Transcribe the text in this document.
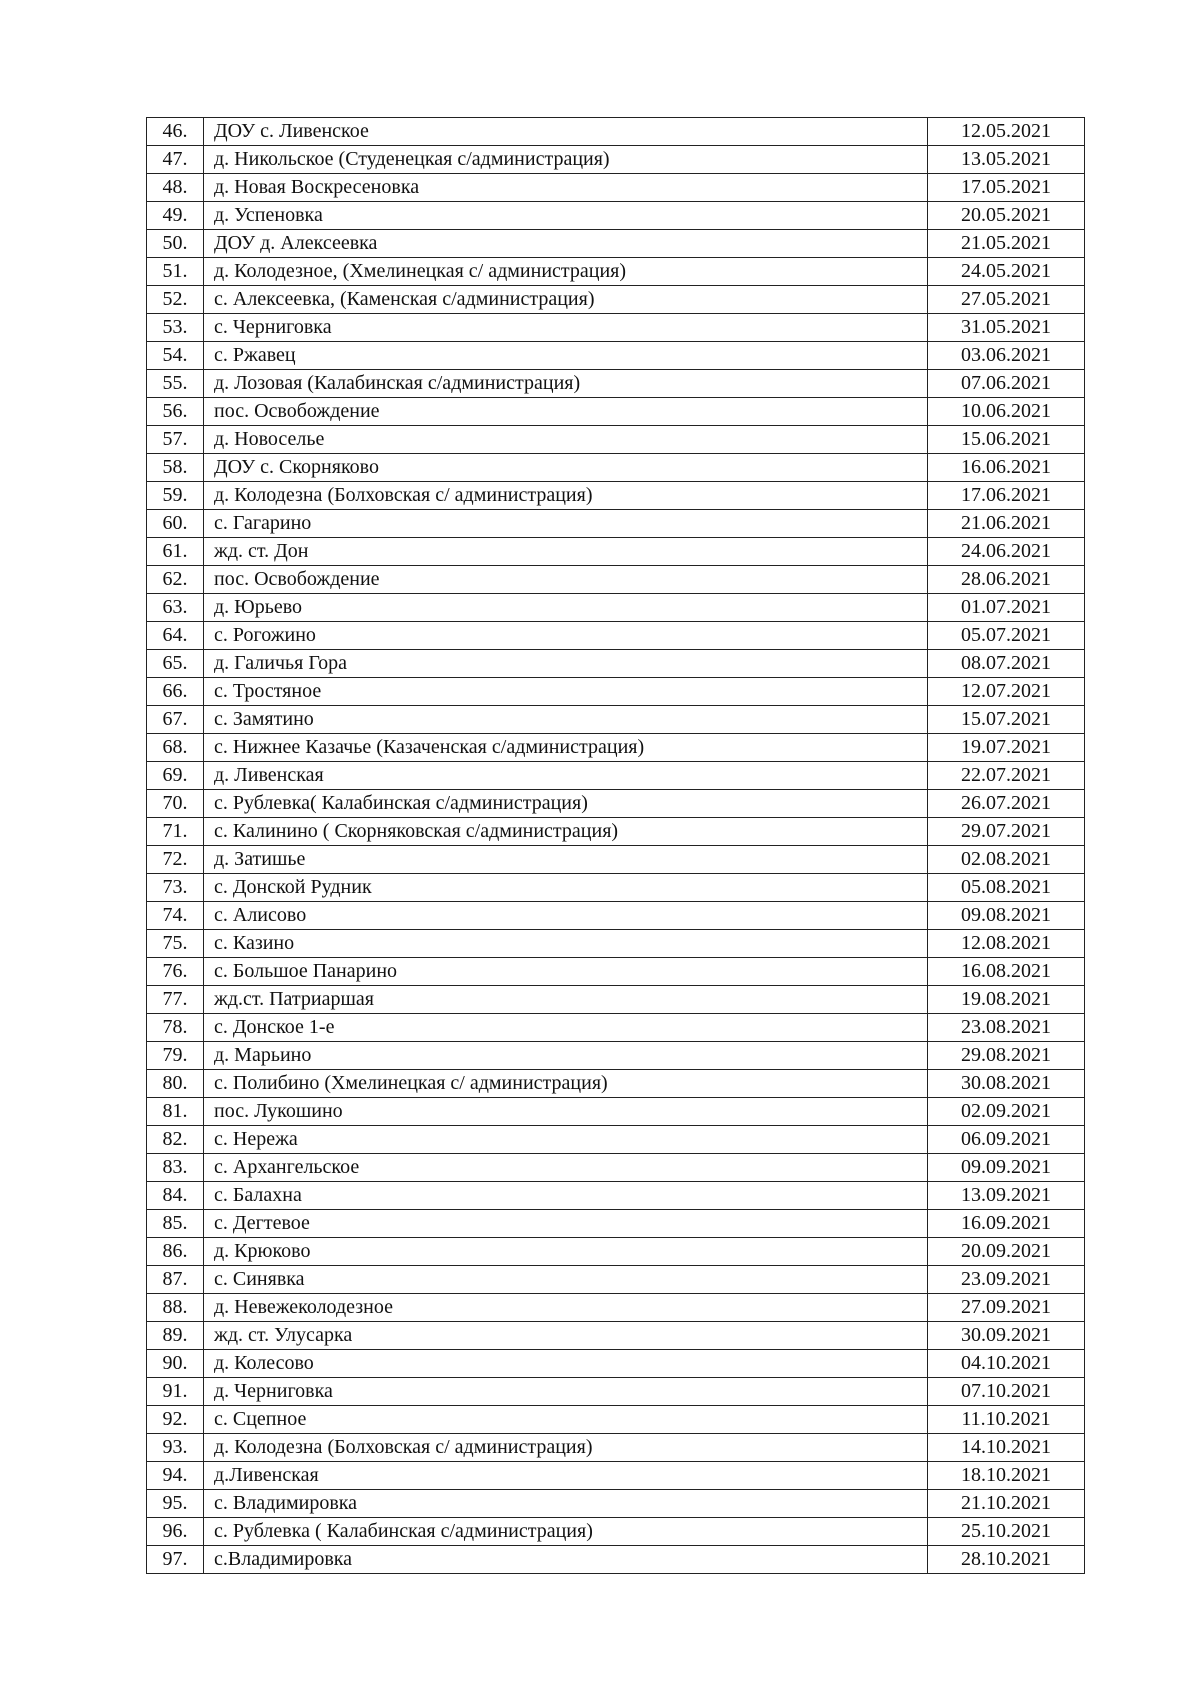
46.	ДОУ с. Ливенское	12.05.2021
47.	д. Никольское (Студенецкая с/администрация)	13.05.2021
48.	д. Новая Воскресеновка	17.05.2021
49.	д. Успеновка	20.05.2021
50.	ДОУ д. Алексеевка	21.05.2021
51.	д. Колодезное, (Хмелинецкая с/ администрация)	24.05.2021
52.	с. Алексеевка, (Каменская с/администрация)	27.05.2021
53.	с. Черниговка	31.05.2021
54.	с. Ржавец	03.06.2021
55.	д. Лозовая (Калабинская с/администрация)	07.06.2021
56.	пос. Освобождение	10.06.2021
57.	д. Новоселье	15.06.2021
58.	ДОУ с. Скорняково	16.06.2021
59.	д. Колодезна (Болховская с/ администрация)	17.06.2021
60.	с. Гагарино	21.06.2021
61.	жд. ст. Дон	24.06.2021
62.	пос. Освобождение	28.06.2021
63.	д. Юрьево	01.07.2021
64.	с. Рогожино	05.07.2021
65.	д. Галичья Гора	08.07.2021
66.	с. Тростяное	12.07.2021
67.	с. Замятино	15.07.2021
68.	с. Нижнее Казачье (Казаченская с/администрация)	19.07.2021
69.	д. Ливенская	22.07.2021
70.	с. Рублевка( Калабинская с/администрация)	26.07.2021
71.	с. Калинино ( Скорняковская с/администрация)	29.07.2021
72.	д. Затишье	02.08.2021
73.	с. Донской Рудник	05.08.2021
74.	с. Алисово	09.08.2021
75.	с. Казино	12.08.2021
76.	с. Большое Панарино	16.08.2021
77.	жд.ст. Патриаршая	19.08.2021
78.	с. Донское 1-е	23.08.2021
79.	д. Марьино	29.08.2021
80.	с. Полибино (Хмелинецкая с/ администрация)	30.08.2021
81.	пос. Лукошино	02.09.2021
82.	с. Нережа	06.09.2021
83.	с. Архангельское	09.09.2021
84.	с. Балахна	13.09.2021
85.	с. Дегтевое	16.09.2021
86.	д. Крюково	20.09.2021
87.	с. Синявка	23.09.2021
88.	д. Невежеколодезное	27.09.2021
89.	жд. ст. Улусарка	30.09.2021
90.	д. Колесово	04.10.2021
91.	д. Черниговка	07.10.2021
92.	с. Сцепное	11.10.2021
93.	д. Колодезна (Болховская с/ администрация)	14.10.2021
94.	д.Ливенская	18.10.2021
95.	с. Владимировка	21.10.2021
96.	с. Рублевка ( Калабинская с/администрация)	25.10.2021
97.	с.Владимировка	28.10.2021
